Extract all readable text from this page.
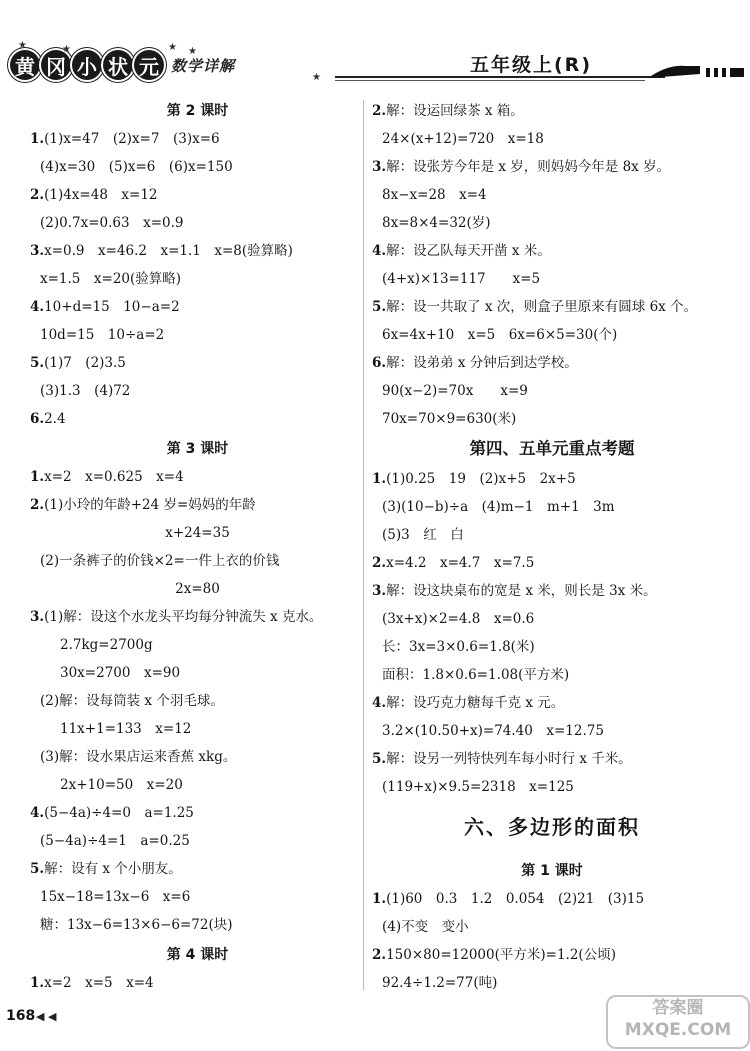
黄 冈 小 状 元 数学详解
★	★	★ ★
★
五年级上(R)
第 2 课时
1.(1)x=47　(2)x=7　(3)x=6
(4)x=30　(5)x=6　(6)x=150
2.(1)4x=48　x=12
(2)0.7x=0.63　x=0.9
3.x=0.9　x=46.2　x=1.1　x=8(验算略)
x=1.5　x=20(验算略)
4.10+d=15　10−a=2
10d=15　10÷a=2
5.(1)7　(2)3.5
(3)1.3　(4)72
6.2.4
第 3 课时
1.x=2　x=0.625　x=4
2.(1)小玲的年龄+24 岁=妈妈的年龄
x+24=35
(2)一条裤子的价钱×2=一件上衣的价钱
2x=80
3.(1)解：设这个水龙头平均每分钟流失 x 克水。
2.7kg=2700g
30x=2700　x=90
(2)解：设每筒装 x 个羽毛球。
11x+1=133　x=12
(3)解：设水果店运来香蕉 xkg。
2x+10=50　x=20
4.(5−4a)÷4=0　a=1.25
(5−4a)÷4=1　a=0.25
5.解：设有 x 个小朋友。
15x−18=13x−6　x=6
糖：13x−6=13×6−6=72(块)
第 4 课时
1.x=2　x=5　x=4
2.解：设运回绿茶 x 箱。
24×(x+12)=720　x=18
3.解：设张芳今年是 x 岁，则妈妈今年是 8x 岁。
8x−x=28　x=4
8x=8×4=32(岁)
4.解：设乙队每天开凿 x 米。
(4+x)×13=117　　x=5
5.解：设一共取了 x 次，则盒子里原来有圆球 6x 个。
6x=4x+10　x=5　6x=6×5=30(个)
6.解：设弟弟 x 分钟后到达学校。
90(x−2)=70x　　x=9
70x=70×9=630(米)
第四、五单元重点考题
1.(1)0.25　19　(2)x+5　2x+5
(3)(10−b)÷a　(4)m−1　m+1　3m
(5)3　红　白
2.x=4.2　x=4.7　x=7.5
3.解：设这块桌布的宽是 x 米，则长是 3x 米。
(3x+x)×2=4.8　x=0.6
长：3x=3×0.6=1.8(米)
面积：1.8×0.6=1.08(平方米)
4.解：设巧克力糖每千克 x 元。
3.2×(10.50+x)=74.40　x=12.75
5.解：设另一列特快列车每小时行 x 千米。
(119+x)×9.5=2318　x=125
六、多边形的面积
第 1 课时
1.(1)60　0.3　1.2　0.054　(2)21　(3)15
(4)不变　变小
2.150×80=12000(平方米)=1.2(公顷)
92.4÷1.2=77(吨)
168 ◀ ◀	答案圈 MXQE.COM
